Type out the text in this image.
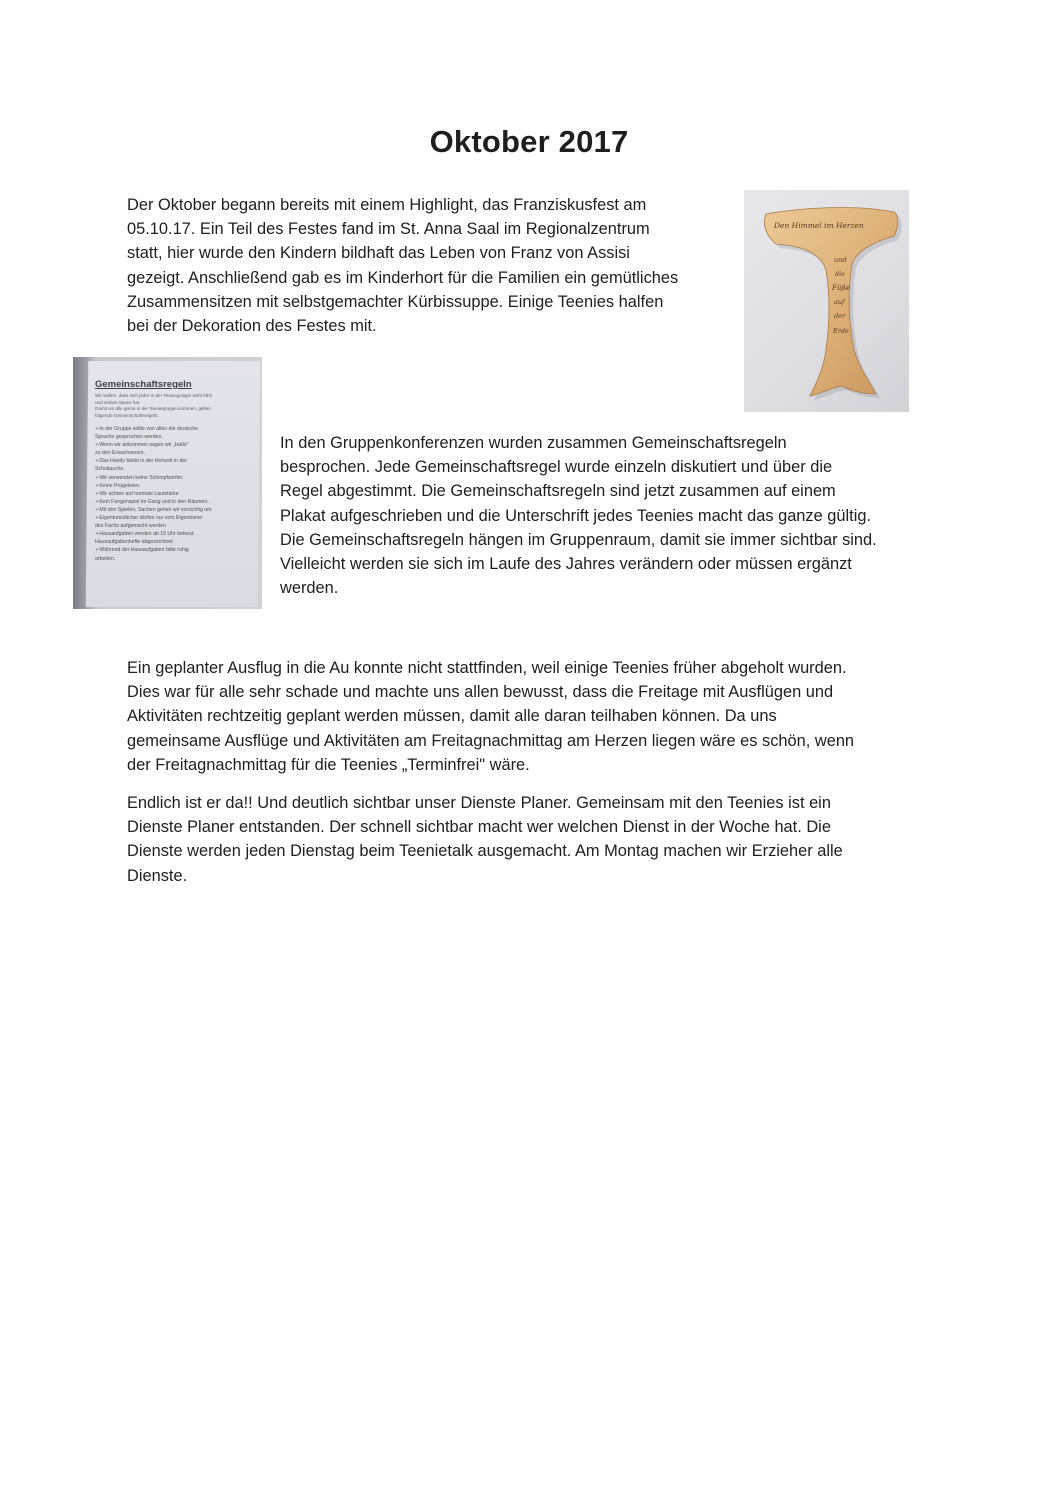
Oktober 2017

Der Oktober begann bereits mit einem Highlight, das Franziskusfest am
05.10.17. Ein Teil des Festes fand im St. Anna Saal im Regionalzentrum
statt, hier wurde den Kindern bildhaft das Leben von Franz von Assisi
gezeigt. Anschließend gab es im Kinderhort für die Familien ein gemütliches
Zusammensitzen mit selbstgemachter Kürbissuppe. Einige Teenies halfen
bei der Dekoration des Festes mit.

Den Himmel im Herzen
und
die
Füße
auf
der
Erde
Gemeinschaftsregeln
Wir wollen, dass sich jeder in der Teeniegruppe wohl fühlt
und seinen Spass hat.
Damit wir alle gerne in die Teeniegruppe kommen, gelten
folgende Gemeinschaftsregeln:
➢In der Gruppe sollte von allen die deutsche
Sprache gesprochen werden.
➢Wenn wir ankommen sagen wir „Hallo"
zu den Erwachsenen.
➢Das Handy bleibt in der Hortzeit in der
Schultasche.
➢Wir verwenden keine Schimpfwörter.
➢Keine Prügeleien.
➢Wir achten auf normale Lautstärke
➢Kein Fangenspiel im Gang und in den Räumen.
➢Mit den Spielen, Sachen gehen wir vorsichtig um
➢Eigentumsfächer dürfen nur vom Eigentümer
des Fachs aufgemacht werden
➢Hausaufgaben werden ab 15 Uhr betreut.
Hausaufgabenhefte abgezeichnet.
➢Während der Hausaufgaben bitte ruhig
arbeiten.

In den Gruppenkonferenzen wurden zusammen Gemeinschaftsregeln
besprochen. Jede Gemeinschaftsregel wurde einzeln diskutiert und über die
Regel abgestimmt. Die Gemeinschaftsregeln sind jetzt zusammen auf einem
Plakat aufgeschrieben und die Unterschrift jedes Teenies macht das ganze gültig.
Die Gemeinschaftsregeln hängen im Gruppenraum, damit sie immer sichtbar sind.
Vielleicht werden sie sich im Laufe des Jahres verändern oder müssen ergänzt
werden.

Ein geplanter Ausflug in die Au konnte nicht stattfinden, weil einige Teenies früher abgeholt wurden.
Dies war für alle sehr schade und machte uns allen bewusst, dass die Freitage mit Ausflügen und
Aktivitäten rechtzeitig geplant werden müssen, damit alle daran teilhaben können. Da uns
gemeinsame Ausflüge und Aktivitäten am Freitagnachmittag am Herzen liegen wäre es schön, wenn
der Freitagnachmittag für die Teenies „Terminfrei" wäre.

Endlich ist er da!! Und deutlich sichtbar unser Dienste Planer. Gemeinsam mit den Teenies ist ein
Dienste Planer entstanden. Der schnell sichtbar macht wer welchen Dienst in der Woche hat. Die
Dienste werden jeden Dienstag beim Teenietalk ausgemacht. Am Montag machen wir Erzieher alle
Dienste.
